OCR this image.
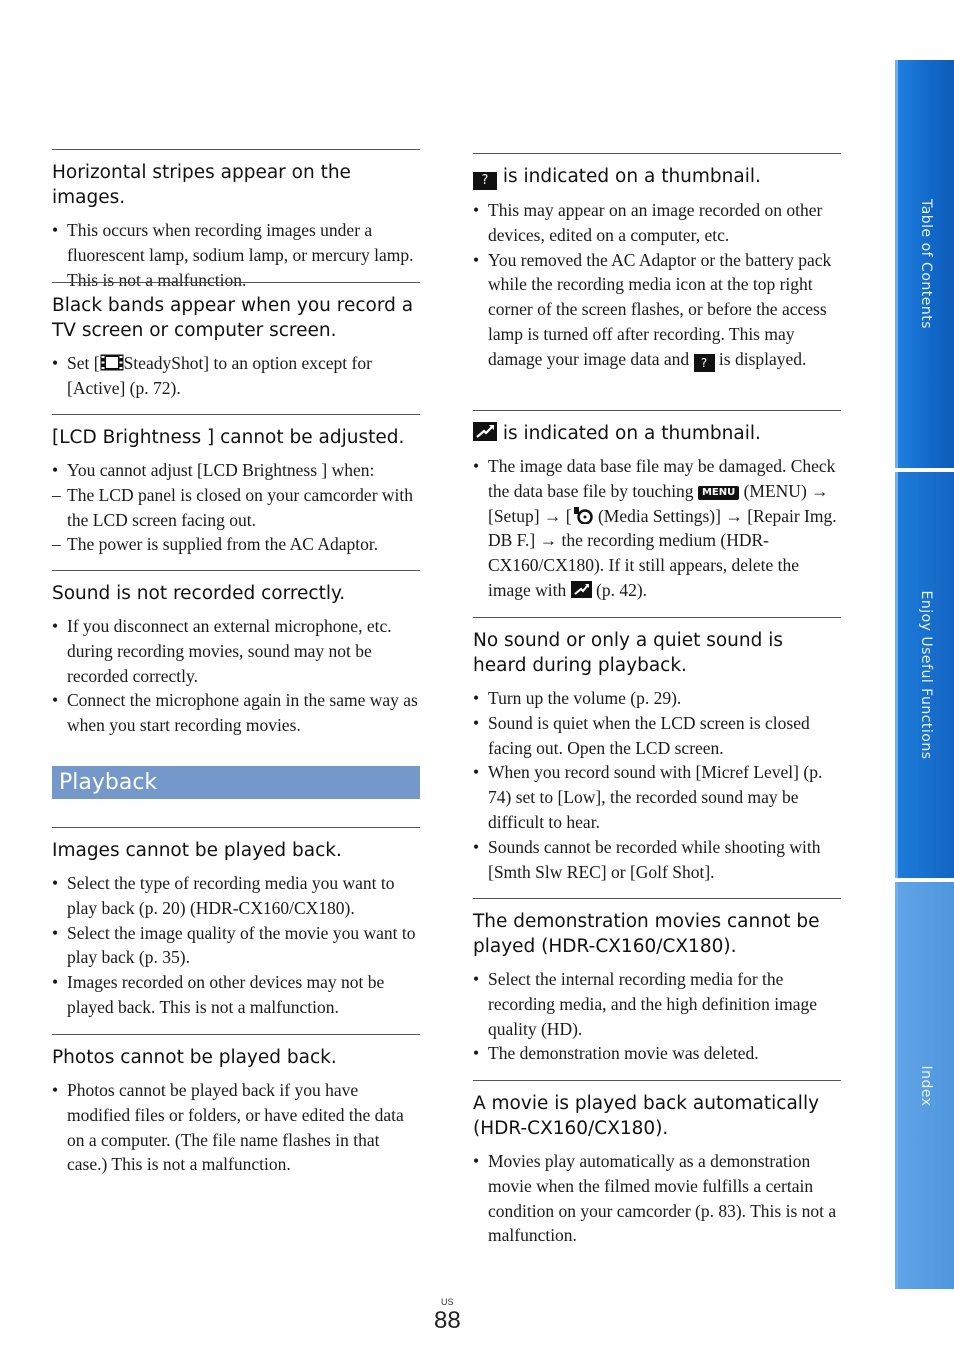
Horizontal stripes appear on the images.
• This occurs when recording images under a fluorescent lamp, sodium lamp, or mercury lamp. This is not a malfunction.
Black bands appear when you record a TV screen or computer screen.
• Set [ SteadyShot] to an option except for [Active] (p. 72).
[LCD Brightness ] cannot be adjusted.
• You cannot adjust [LCD Brightness ] when:
– The LCD panel is closed on your camcorder with the LCD screen facing out.
– The power is supplied from the AC Adaptor.
Sound is not recorded correctly.
• If you disconnect an external microphone, etc. during recording movies, sound may not be recorded correctly.
• Connect the microphone again in the same way as when you start recording movies.
Playback
Images cannot be played back.
• Select the type of recording media you want to play back (p. 20) (HDR-CX160/CX180).
• Select the image quality of the movie you want to play back (p. 35).
• Images recorded on other devices may not be played back. This is not a malfunction.
Photos cannot be played back.
• Photos cannot be played back if you have modified files or folders, or have edited the data on a computer. (The file name flashes in that case.) This is not a malfunction.
? is indicated on a thumbnail.
• This may appear on an image recorded on other devices, edited on a computer, etc.
• You removed the AC Adaptor or the battery pack while the recording media icon at the top right corner of the screen flashes, or before the access lamp is turned off after recording. This may damage your image data and ? is displayed.
is indicated on a thumbnail.
• The image data base file may be damaged. Check the data base file by touching MENU (MENU) → [Setup] → [ (Media Settings)] → [Repair Img. DB F.] → the recording medium (HDR-CX160/CX180). If it still appears, delete the image with  (p. 42).
No sound or only a quiet sound is heard during playback.
• Turn up the volume (p. 29).
• Sound is quiet when the LCD screen is closed facing out. Open the LCD screen.
• When you record sound with [Micref Level] (p. 74) set to [Low], the recorded sound may be difficult to hear.
• Sounds cannot be recorded while shooting with [Smth Slw REC] or [Golf Shot].
The demonstration movies cannot be played (HDR-CX160/CX180).
• Select the internal recording media for the recording media, and the high definition image quality (HD).
• The demonstration movie was deleted.
A movie is played back automatically (HDR-CX160/CX180).
• Movies play automatically as a demonstration movie when the filmed movie fulfills a certain condition on your camcorder (p. 83). This is not a malfunction.
Table of Contents
Enjoy Useful Functions
Index
US
88
